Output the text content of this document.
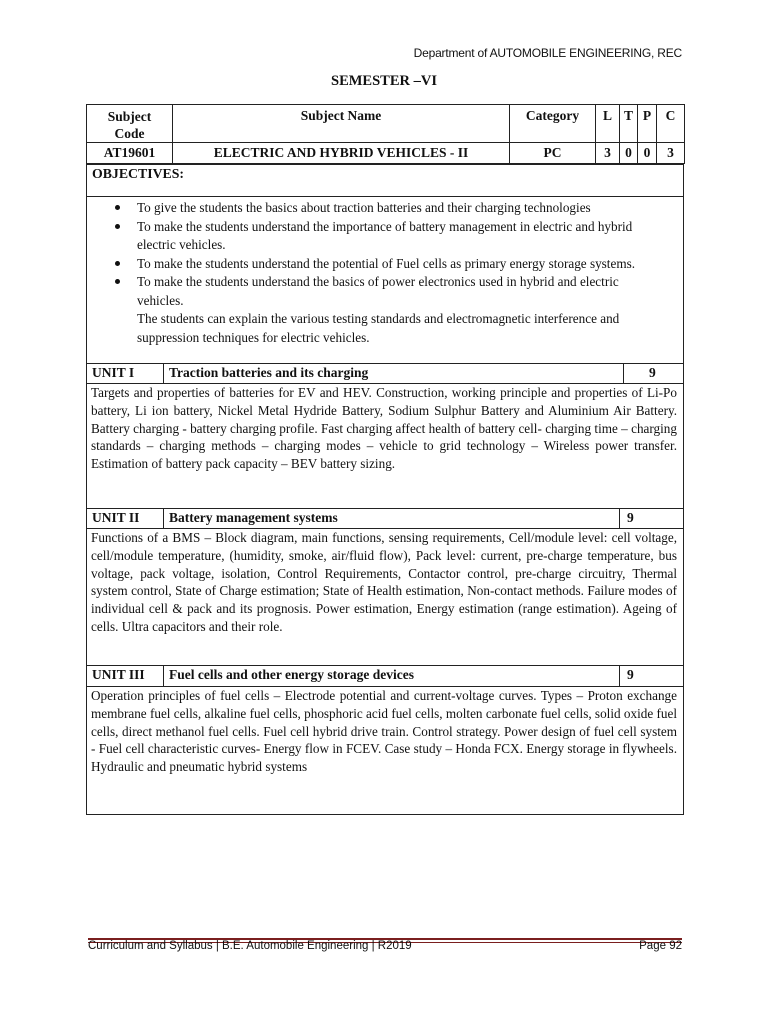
Department of AUTOMOBILE ENGINEERING, REC
SEMESTER –VI
Subject
Code	Subject Name	Category	L	T	P	C
AT19601	ELECTRIC AND HYBRID VEHICLES - II	PC	3	0	0	3
OBJECTIVES:
To give the students the basics about traction batteries and their charging technologies
To make the students understand the importance of battery management in electric and hybrid electric vehicles.
To make the students understand the potential of Fuel cells as primary energy storage systems.
To make the students understand the basics of power electronics used in hybrid and electric vehicles.
The students can explain the various testing standards and electromagnetic interference and suppression techniques for electric vehicles.
UNIT I	Traction batteries and its charging	9
Targets and properties of batteries for EV and HEV. Construction, working principle and properties of Li-Po battery, Li ion battery, Nickel Metal Hydride Battery, Sodium Sulphur Battery and Aluminium Air Battery. Battery charging - battery charging profile. Fast charging affect health of battery cell- charging time – charging standards – charging methods – charging modes – vehicle to grid technology – Wireless power transfer. Estimation of battery pack capacity – BEV battery sizing.
UNIT II Battery management systems	9
Functions of a BMS – Block diagram, main functions, sensing requirements, Cell/module level: cell voltage, cell/module temperature, (humidity, smoke, air/fluid flow), Pack level: current, pre-charge temperature, bus voltage, pack voltage, isolation, Control Requirements, Contactor control, pre-charge circuitry, Thermal system control, State of Charge estimation; State of Health estimation, Non-contact methods. Failure modes of individual cell & pack and its prognosis. Power estimation, Energy estimation (range estimation). Ageing of cells. Ultra capacitors and their role.
UNIT III Fuel cells and other energy storage devices	9
Operation principles of fuel cells – Electrode potential and current-voltage curves. Types – Proton exchange membrane fuel cells, alkaline fuel cells, phosphoric acid fuel cells, molten carbonate fuel cells, solid oxide fuel cells, direct methanol fuel cells. Fuel cell hybrid drive train. Control strategy. Power design of fuel cell system - Fuel cell characteristic curves- Energy flow in FCEV. Case study – Honda FCX. Energy storage in flywheels. Hydraulic and pneumatic hybrid systems
Curriculum and Syllabus | B.E. Automobile Engineering | R2019	Page 92
